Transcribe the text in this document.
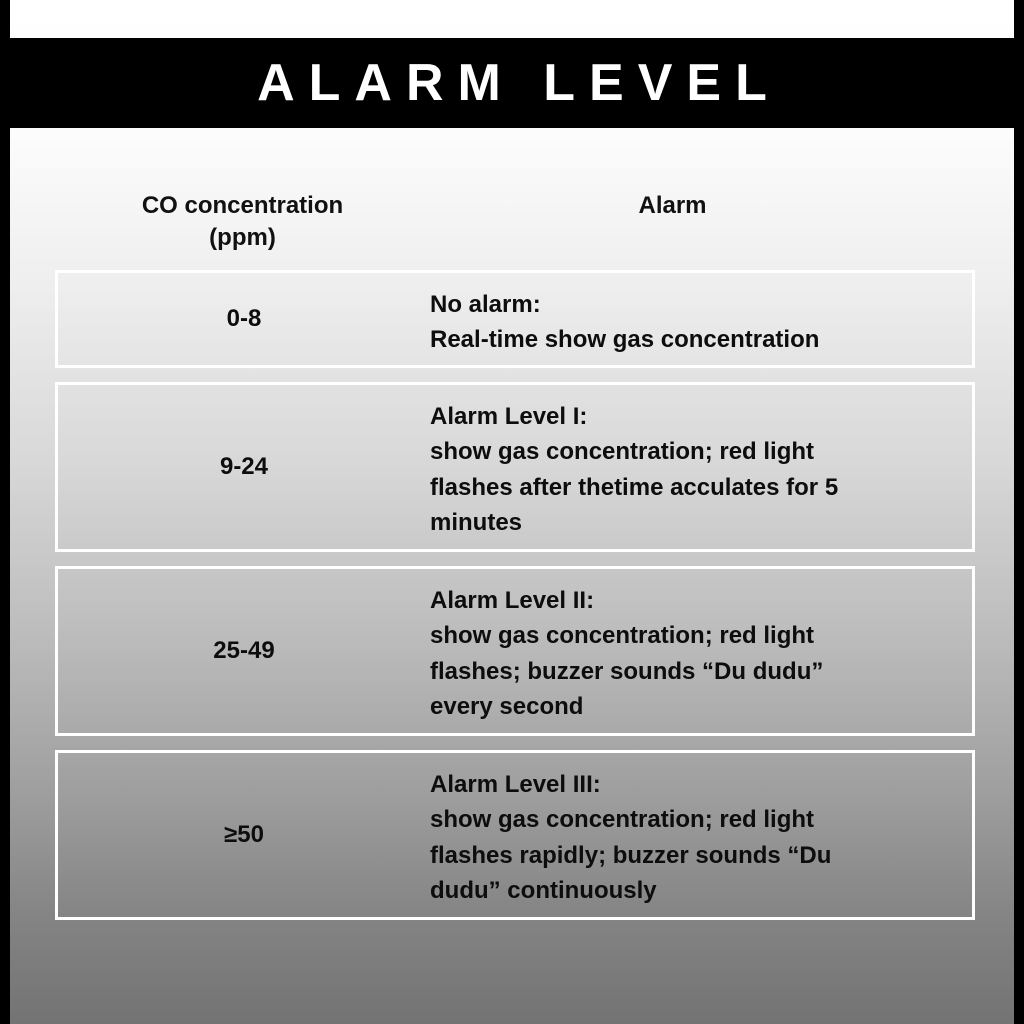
ALARM LEVEL
CO concentration
(ppm)
Alarm
0-8
No alarm:
Real-time show gas concentration
9-24
Alarm Level I:
show gas concentration; red light
flashes after thetime acculates for 5
minutes
25-49
Alarm Level II:
show gas concentration; red light
flashes; buzzer sounds “Du dudu”
every second
≥50
Alarm Level III:
show gas concentration; red light
flashes rapidly; buzzer sounds “Du
dudu” continuously
